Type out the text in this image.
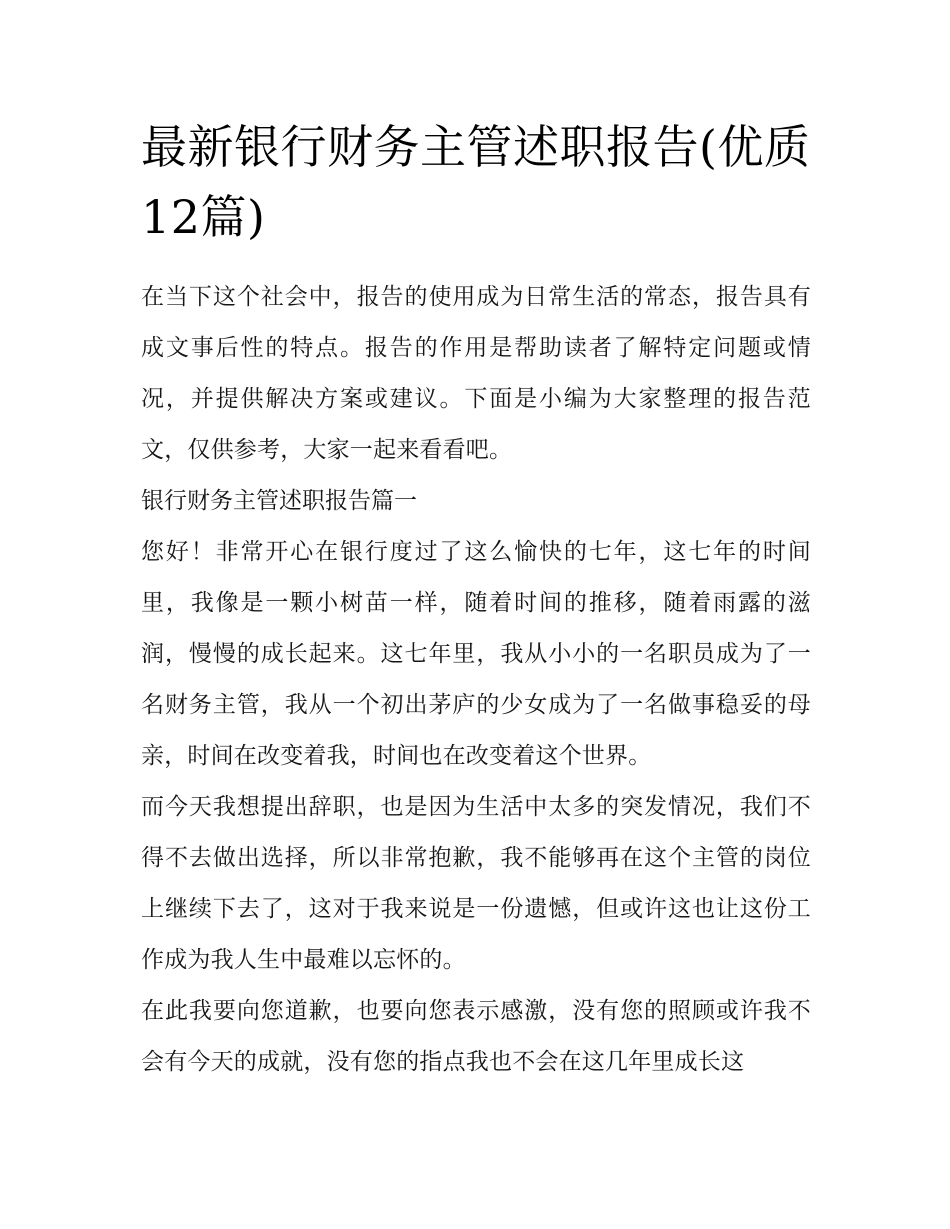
最新银行财务主管述职报告(优质12篇)

在当下这个社会中，报告的使用成为日常生活的常态，报告具有成文事后性的特点。报告的作用是帮助读者了解特定问题或情况，并提供解决方案或建议。下面是小编为大家整理的报告范文，仅供参考，大家一起来看看吧。

银行财务主管述职报告篇一

您好！非常开心在银行度过了这么愉快的七年，这七年的时间里，我像是一颗小树苗一样，随着时间的推移，随着雨露的滋润，慢慢的成长起来。这七年里，我从小小的一名职员成为了一名财务主管，我从一个初出茅庐的少女成为了一名做事稳妥的母亲，时间在改变着我，时间也在改变着这个世界。

而今天我想提出辞职，也是因为生活中太多的突发情况，我们不得不去做出选择，所以非常抱歉，我不能够再在这个主管的岗位上继续下去了，这对于我来说是一份遗憾，但或许这也让这份工作成为我人生中最难以忘怀的。

在此我要向您道歉，也要向您表示感激，没有您的照顾或许我不会有今天的成就，没有您的指点我也不会在这几年里成长这
